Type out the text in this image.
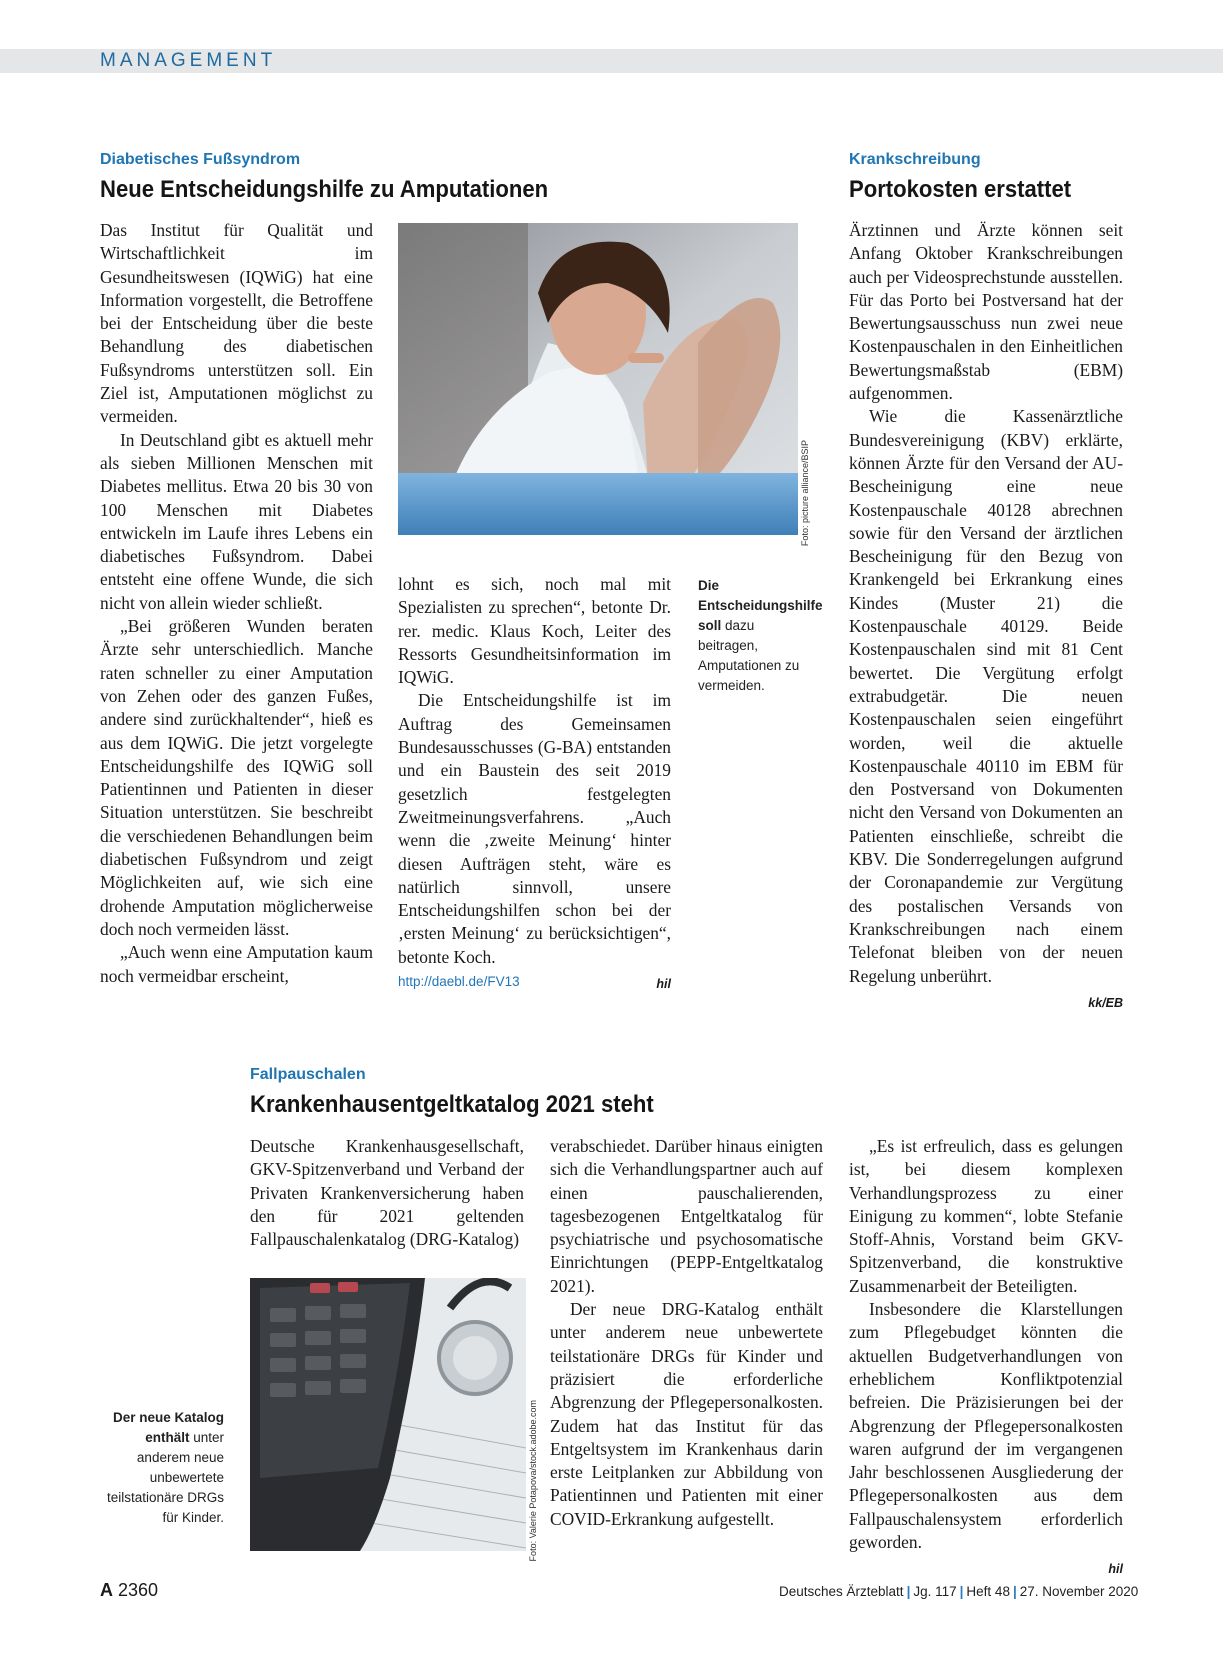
MANAGEMENT
Diabetisches Fußsyndrom
Neue Entscheidungshilfe zu Amputationen

Das Institut für Qualität und Wirtschaftlichkeit im Gesundheitswesen (IQWiG) hat eine Information vorgestellt, die Betroffene bei der Entscheidung über die beste Behandlung des diabetischen Fußsyndroms unterstützen soll. Ein Ziel ist, Amputationen möglichst zu vermeiden.

In Deutschland gibt es aktuell mehr als sieben Millionen Menschen mit Diabetes mellitus. Etwa 20 bis 30 von 100 Menschen mit Diabetes entwickeln im Laufe ihres Lebens ein diabetisches Fußsyndrom. Dabei entsteht eine offene Wunde, die sich nicht von allein wieder schließt.

„Bei größeren Wunden beraten Ärzte sehr unterschiedlich. Manche raten schneller zu einer Amputation von Zehen oder des ganzen Fußes, andere sind zurückhaltender“, hieß es aus dem IQWiG. Die jetzt vorgelegte Entscheidungshilfe des IQWiG soll Patientinnen und Patienten in dieser Situation unterstützen. Sie beschreibt die verschiedenen Behandlungen beim diabetischen Fußsyndrom und zeigt Möglichkeiten auf, wie sich eine drohende Amputation möglicherweise doch noch vermeiden lässt.

„Auch wenn eine Amputation kaum noch vermeidbar erscheint,

Foto: picture alliance/BSIP

lohnt es sich, noch mal mit Spezialisten zu sprechen“, betonte Dr. rer. medic. Klaus Koch, Leiter des Ressorts Gesundheitsinformation im IQWiG.

Die Entscheidungshilfe ist im Auftrag des Gemeinsamen Bundesausschusses (G-BA) entstanden und ein Baustein des seit 2019 gesetzlich festgelegten Zweitmeinungsverfahrens. „Auch wenn die ‚zweite Meinung‘ hinter diesen Aufträgen steht, wäre es natürlich sinnvoll, unsere Entscheidungshilfen schon bei der ‚ersten Meinung‘ zu berücksichtigen“, betonte Koch.

hil
http://daebl.de/FV13
Die Entscheidungshilfe soll dazu beitragen, Amputationen zu vermeiden.
Krankschreibung
Portokosten erstattet

Ärztinnen und Ärzte können seit Anfang Oktober Krankschreibungen auch per Videosprechstunde ausstellen. Für das Porto bei Postversand hat der Bewertungsausschuss nun zwei neue Kostenpauschalen in den Einheitlichen Bewertungsmaßstab (EBM) aufgenommen.

Wie die Kassenärztliche Bundesvereinigung (KBV) erklärte, können Ärzte für den Versand der AU-Bescheinigung eine neue Kostenpauschale 40128 abrechnen sowie für den Versand der ärztlichen Bescheinigung für den Bezug von Krankengeld bei Erkrankung eines Kindes (Muster 21) die Kostenpauschale 40129. Beide Kostenpauschalen sind mit 81 Cent bewertet. Die Vergütung erfolgt extrabudgetär. Die neuen Kostenpauschalen seien eingeführt worden, weil die aktuelle Kostenpauschale 40110 im EBM für den Postversand von Dokumenten nicht den Versand von Dokumenten an Patienten einschließe, schreibt die KBV. Die Sonderregelungen aufgrund der Coronapandemie zur Vergütung des postalischen Versands von Krankschreibungen nach einem Telefonat bleiben von der neuen Regelung unberührt.

kk/EB
Fallpauschalen
Krankenhausentgeltkatalog 2021 steht

Deutsche Krankenhausgesellschaft, GKV-Spitzenverband und Verband der Privaten Krankenversicherung haben den für 2021 geltenden Fallpauschalenkatalog (DRG-Katalog)

Foto: Valerie Potapova/stock.adobe.com
Der neue Katalog enthält unter anderem neue unbewertete teilstationäre DRGs für Kinder.

verabschiedet. Darüber hinaus einigten sich die Verhandlungspartner auch auf einen pauschalierenden, tagesbezogenen Entgeltkatalog für psychiatrische und psychosomatische Einrichtungen (PEPP-Entgeltkatalog 2021).

Der neue DRG-Katalog enthält unter anderem neue unbewertete teilstationäre DRGs für Kinder und präzisiert die erforderliche Abgrenzung der Pflegepersonalkosten. Zudem hat das Institut für das Entgeltsystem im Krankenhaus darin erste Leitplanken zur Abbildung von Patientinnen und Patienten mit einer COVID-Erkrankung aufgestellt.

„Es ist erfreulich, dass es gelungen ist, bei diesem komplexen Verhandlungsprozess zu einer Einigung zu kommen“, lobte Stefanie Stoff-Ahnis, Vorstand beim GKV-Spitzenverband, die konstruktive Zusammenarbeit der Beteiligten.

Insbesondere die Klarstellungen zum Pflegebudget könnten die aktuellen Budgetverhandlungen von erheblichem Konfliktpotenzial befreien. Die Präzisierungen bei der Abgrenzung der Pflegepersonalkosten waren aufgrund der im vergangenen Jahr beschlossenen Ausgliederung der Pflegepersonalkosten aus dem Fallpauschalensystem erforderlich geworden.

hil
A 2360	Deutsches Ärzteblatt | Jg. 117 | Heft 48 | 27. November 2020
